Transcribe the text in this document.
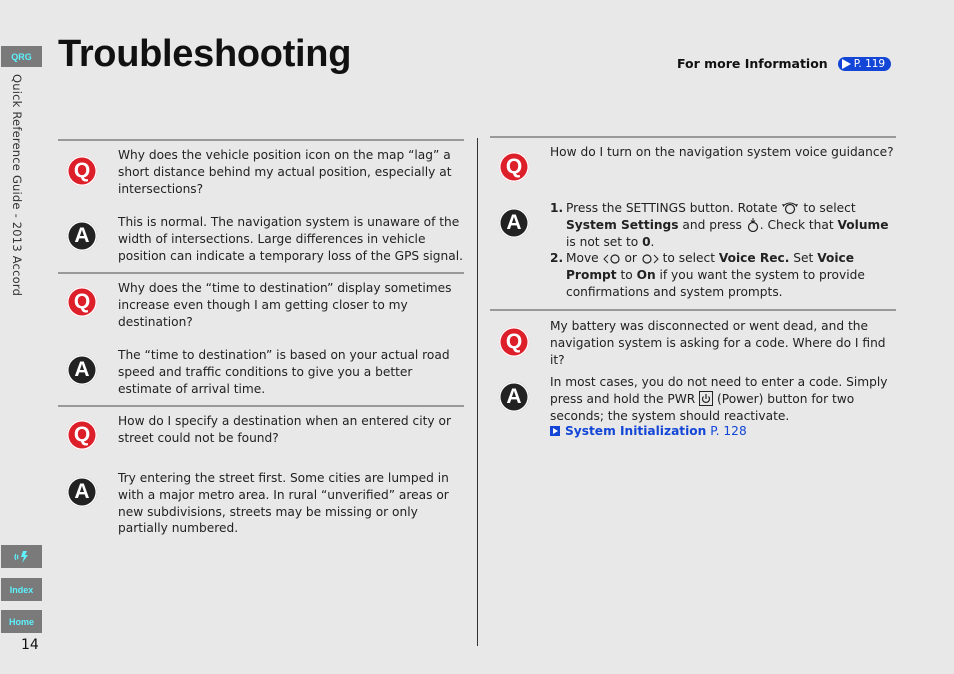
QRG
Quick Reference Guide - 2013 Accord
Index
Home
14
Troubleshooting	For more Information P. 119
Q
Why does the vehicle position icon on the map “lag” a short distance behind my actual position, especially at intersections?
A
This is normal. The navigation system is unaware of the width of intersections. Large differences in vehicle position can indicate a temporary loss of the GPS signal.
Q
Why does the “time to destination” display sometimes increase even though I am getting closer to my destination?
A
The “time to destination” is based on your actual road speed and traffic conditions to give you a better estimate of arrival time.
Q
How do I specify a destination when an entered city or street could not be found?
A
Try entering the street first. Some cities are lumped in with a major metro area. In rural “unverified” areas or new subdivisions, streets may be missing or only partially numbered.
Q
How do I turn on the navigation system voice guidance?
A
1. Press the SETTINGS button. Rotate to select System Settings and press . Check that Volume is not set to 0.
2. Move or to select Voice Rec. Set Voice Prompt to On if you want the system to provide confirmations and system prompts.
Q
My battery was disconnected or went dead, and the navigation system is asking for a code. Where do I find it?
A
In most cases, you do not need to enter a code. Simply press and hold the PWR (Power) button for two seconds; the system should reactivate.
System Initialization P. 128
